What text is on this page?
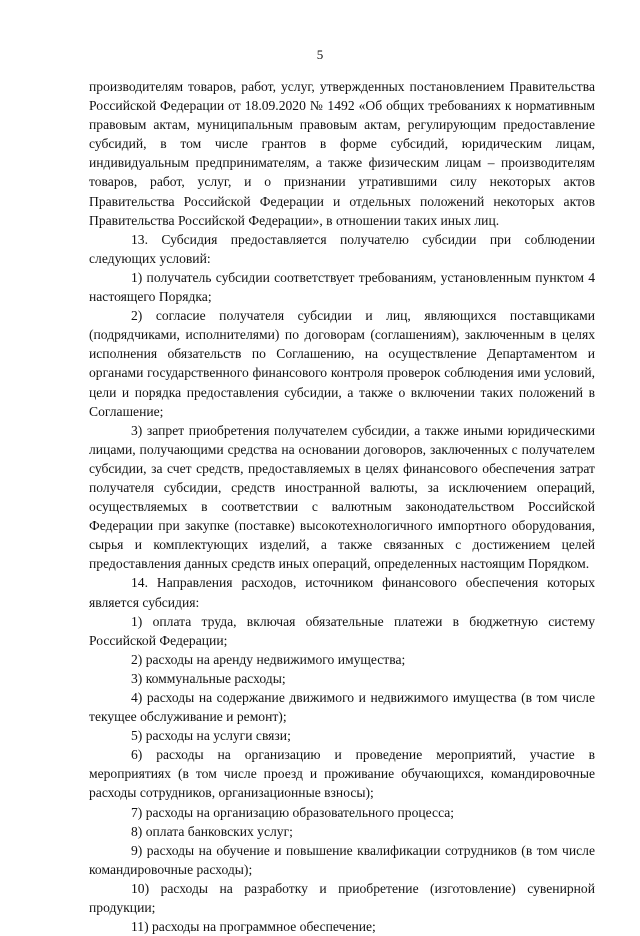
5

производителям товаров, работ, услуг, утвержденных постановлением Правительства Российской Федерации от 18.09.2020 № 1492 «Об общих требованиях к нормативным правовым актам, муниципальным правовым актам, регулирующим предоставление субсидий, в том числе грантов в форме субсидий, юридическим лицам, индивидуальным предпринимателям, а также физическим лицам – производителям товаров, работ, услуг, и о признании утратившими силу некоторых актов Правительства Российской Федерации и отдельных положений некоторых актов Правительства Российской Федерации», в отношении таких иных лиц.

13. Субсидия предоставляется получателю субсидии при соблюдении следующих условий:

1) получатель субсидии соответствует требованиям, установленным пунктом 4 настоящего Порядка;

2) согласие получателя субсидии и лиц, являющихся поставщиками (подрядчиками, исполнителями) по договорам (соглашениям), заключенным в целях исполнения обязательств по Соглашению, на осуществление Департаментом и органами государственного финансового контроля проверок соблюдения ими условий, цели и порядка предоставления субсидии, а также о включении таких положений в Соглашение;

3) запрет приобретения получателем субсидии, а также иными юридическими лицами, получающими средства на основании договоров, заключенных с получателем субсидии, за счет средств, предоставляемых в целях финансового обеспечения затрат получателя субсидии, средств иностранной валюты, за исключением операций, осуществляемых в соответствии с валютным законодательством Российской Федерации при закупке (поставке) высокотехнологичного импортного оборудования, сырья и комплектующих изделий, а также связанных с достижением целей предоставления данных средств иных операций, определенных настоящим Порядком.

14. Направления расходов, источником финансового обеспечения которых является субсидия:

1) оплата труда, включая обязательные платежи в бюджетную систему Российской Федерации;

2) расходы на аренду недвижимого имущества;

3) коммунальные расходы;

4) расходы на содержание движимого и недвижимого имущества (в том числе текущее обслуживание и ремонт);

5) расходы на услуги связи;

6) расходы на организацию и проведение мероприятий, участие в мероприятиях (в том числе проезд и проживание обучающихся, командировочные расходы сотрудников, организационные взносы);

7) расходы на организацию образовательного процесса;

8) оплата банковских услуг;

9) расходы на обучение и повышение квалификации сотрудников (в том числе командировочные расходы);

10) расходы на разработку и приобретение (изготовление) сувенирной продукции;

11) расходы на программное обеспечение;
